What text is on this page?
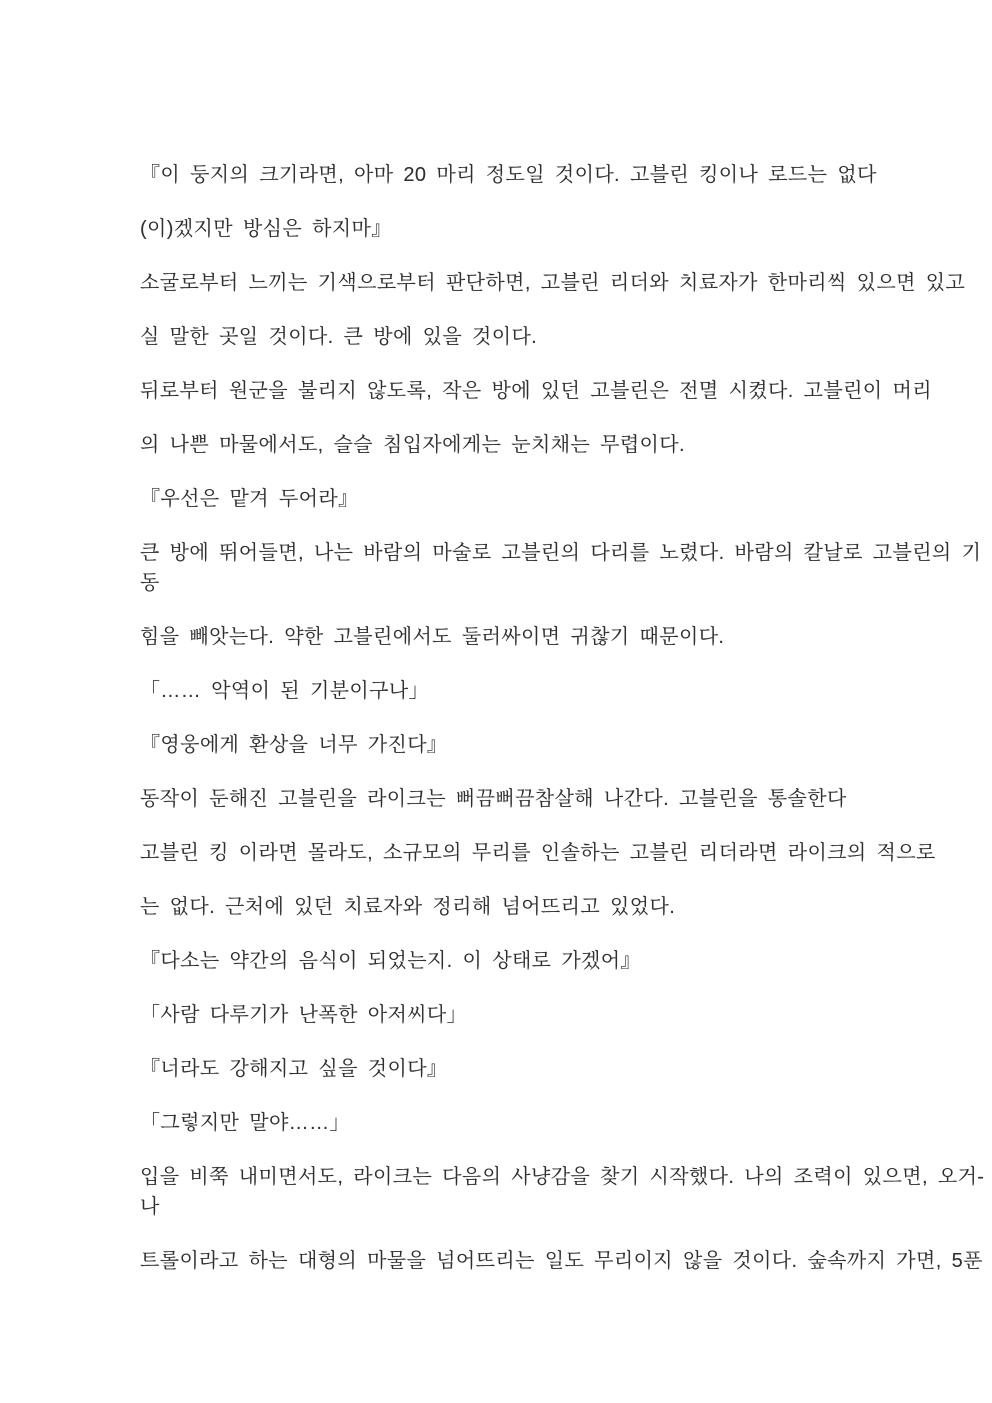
『이 둥지의 크기라면, 아마 20 마리 정도일 것이다. 고블린 킹이나 로드는 없다
(이)겠지만 방심은 하지마』
소굴로부터 느끼는 기색으로부터 판단하면, 고블린 리더와 치료자가 한마리씩 있으면 있고
실 말한 곳일 것이다. 큰 방에 있을 것이다.
뒤로부터 원군을 불리지 않도록, 작은 방에 있던 고블린은 전멸 시켰다. 고블린이 머리
의 나쁜 마물에서도, 슬슬 침입자에게는 눈치채는 무렵이다.
『우선은 맡겨 두어라』
큰 방에 뛰어들면, 나는 바람의 마술로 고블린의 다리를 노렸다. 바람의 칼날로 고블린의 기
동
힘을 빼앗는다. 약한 고블린에서도 둘러싸이면 귀찮기 때문이다.
「…… 악역이 된 기분이구나」
『영웅에게 환상을 너무 가진다』
동작이 둔해진 고블린을 라이크는 뻐끔뻐끔참살해 나간다. 고블린을 통솔한다
고블린 킹 이라면 몰라도, 소규모의 무리를 인솔하는 고블린 리더라면 라이크의 적으로
는 없다. 근처에 있던 치료자와 정리해 넘어뜨리고 있었다.
『다소는 약간의 음식이 되었는지. 이 상태로 가겠어』
「사람 다루기가 난폭한 아저씨다」
『너라도 강해지고 싶을 것이다』
「그렇지만 말야……」
입을 비쭉 내미면서도, 라이크는 다음의 사냥감을 찾기 시작했다. 나의 조력이 있으면, 오거-
나
트롤이라고 하는 대형의 마물을 넘어뜨리는 일도 무리이지 않을 것이다. 숲속까지 가면, 5푼
